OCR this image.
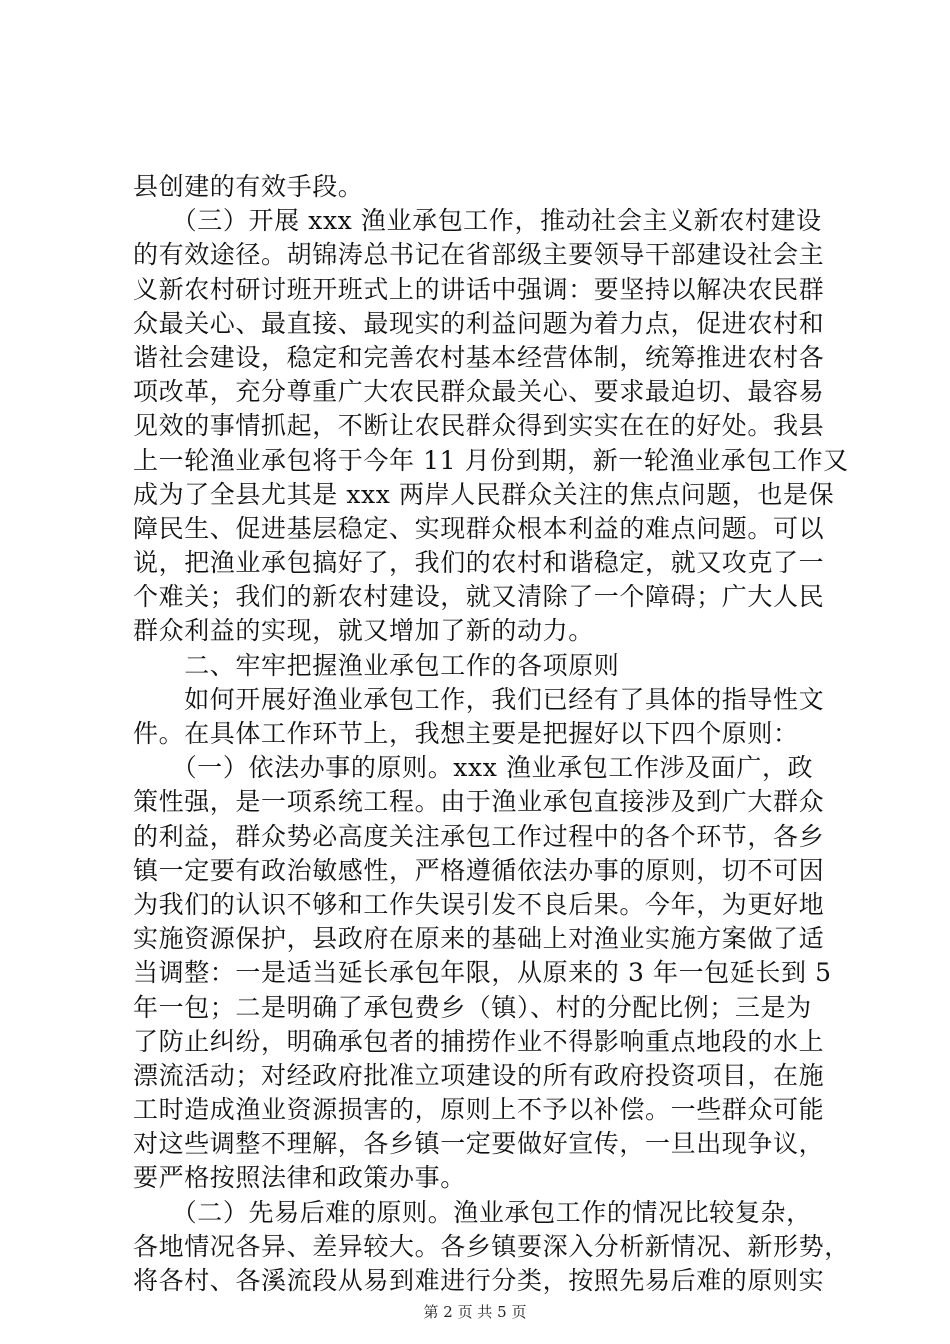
县创建的有效手段。
　　（三）开展 xxx 渔业承包工作，推动社会主义新农村建设
的有效途径。胡锦涛总书记在省部级主要领导干部建设社会主
义新农村研讨班开班式上的讲话中强调：要坚持以解决农民群
众最关心、最直接、最现实的利益问题为着力点，促进农村和
谐社会建设，稳定和完善农村基本经营体制，统筹推进农村各
项改革，充分尊重广大农民群众最关心、要求最迫切、最容易
见效的事情抓起，不断让农民群众得到实实在在的好处。我县
上一轮渔业承包将于今年 11 月份到期，新一轮渔业承包工作又
成为了全县尤其是 xxx 两岸人民群众关注的焦点问题，也是保
障民生、促进基层稳定、实现群众根本利益的难点问题。可以
说，把渔业承包搞好了，我们的农村和谐稳定，就又攻克了一
个难关；我们的新农村建设，就又清除了一个障碍；广大人民
群众利益的实现，就又增加了新的动力。
　　二、牢牢把握渔业承包工作的各项原则
　　如何开展好渔业承包工作，我们已经有了具体的指导性文
件。在具体工作环节上，我想主要是把握好以下四个原则：
　　（一）依法办事的原则。xxx 渔业承包工作涉及面广，政
策性强，是一项系统工程。由于渔业承包直接涉及到广大群众
的利益，群众势必高度关注承包工作过程中的各个环节，各乡
镇一定要有政治敏感性，严格遵循依法办事的原则，切不可因
为我们的认识不够和工作失误引发不良后果。今年，为更好地
实施资源保护，县政府在原来的基础上对渔业实施方案做了适
当调整：一是适当延长承包年限，从原来的 3 年一包延长到 5
年一包；二是明确了承包费乡（镇）、村的分配比例；三是为
了防止纠纷，明确承包者的捕捞作业不得影响重点地段的水上
漂流活动；对经政府批准立项建设的所有政府投资项目，在施
工时造成渔业资源损害的，原则上不予以补偿。一些群众可能
对这些调整不理解，各乡镇一定要做好宣传，一旦出现争议，
要严格按照法律和政策办事。
　　（二）先易后难的原则。渔业承包工作的情况比较复杂，
各地情况各异、差异较大。各乡镇要深入分析新情况、新形势，
将各村、各溪流段从易到难进行分类，按照先易后难的原则实
第 2 页 共 5 页
